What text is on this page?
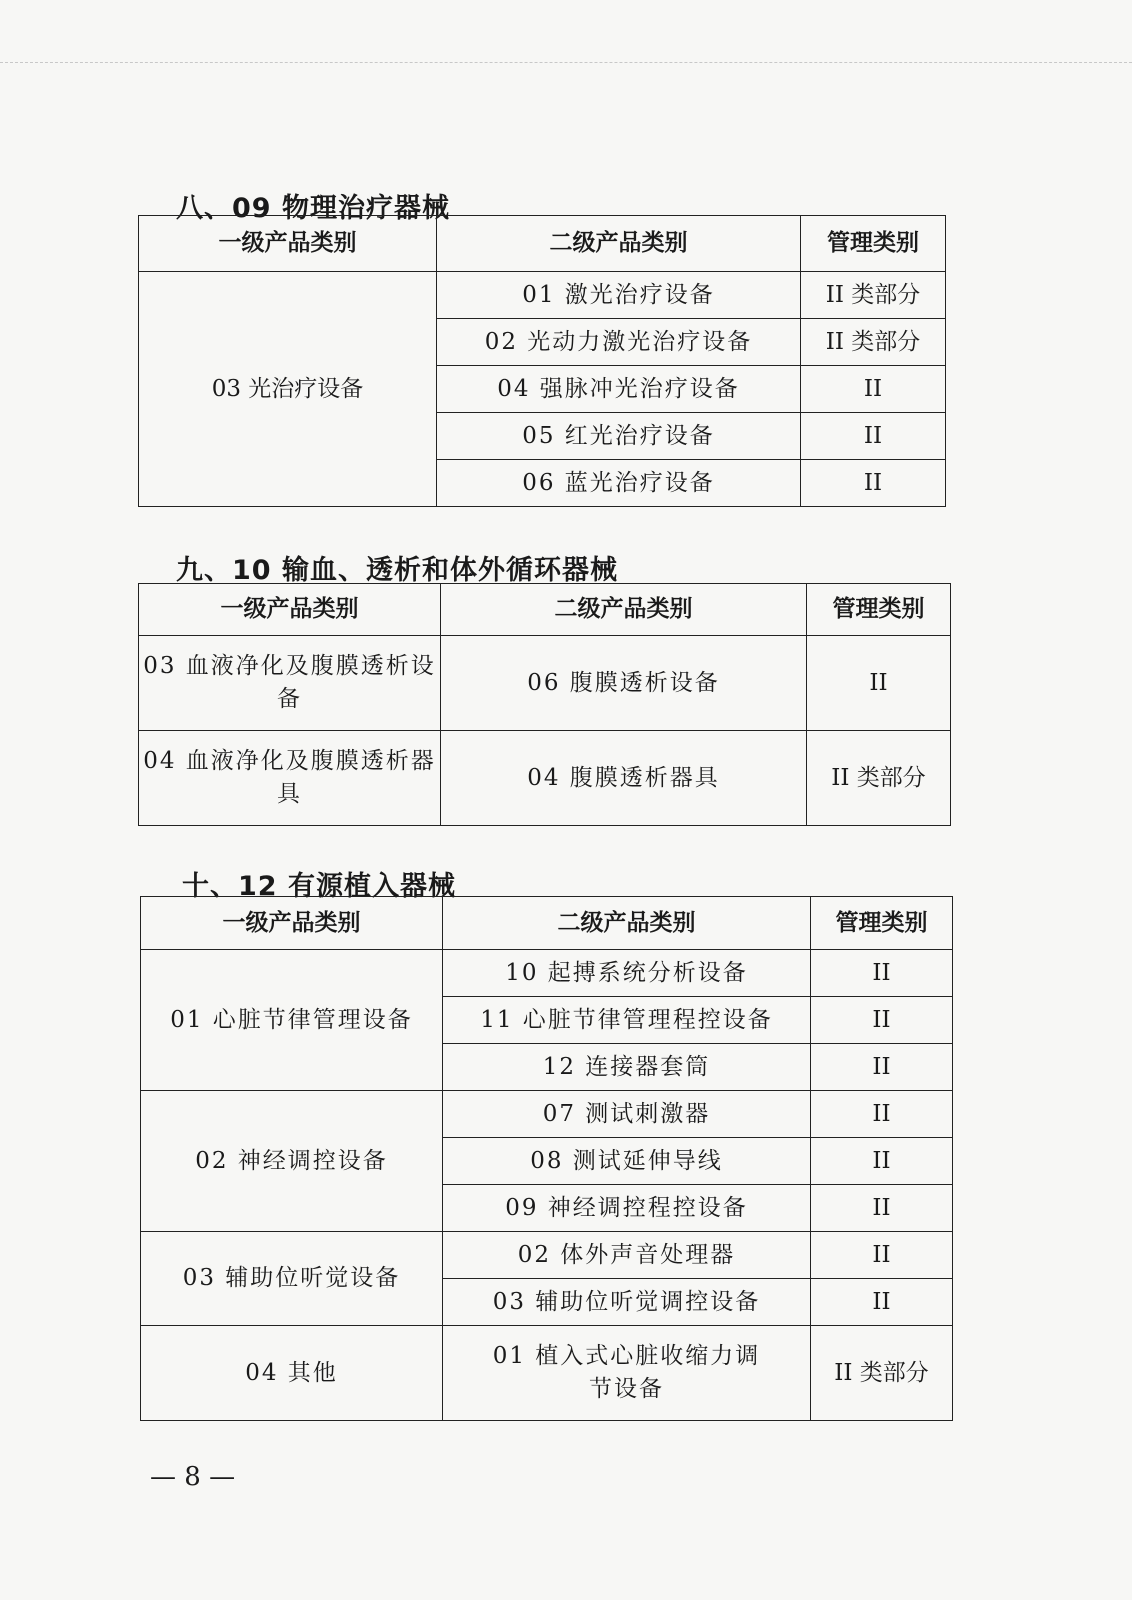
八、09 物理治疗器械
一级产品类别	二级产品类别	管理类别
03 光治疗设备	01 激光治疗设备	II 类部分
	02 光动力激光治疗设备	II 类部分
	04 强脉冲光治疗设备	II
	05 红光治疗设备	II
	06 蓝光治疗设备	II
九、10 输血、透析和体外循环器械
一级产品类别	二级产品类别	管理类别
03 血液净化及腹膜透析设备	06 腹膜透析设备	II
04 血液净化及腹膜透析器具	04 腹膜透析器具	II 类部分
十、12 有源植入器械
一级产品类别	二级产品类别	管理类别
01 心脏节律管理设备	10 起搏系统分析设备	II
	11 心脏节律管理程控设备	II
	12 连接器套筒	II
02 神经调控设备	07 测试刺激器	II
	08 测试延伸导线	II
	09 神经调控程控设备	II
03 辅助位听觉设备	02 体外声音处理器	II
	03 辅助位听觉调控设备	II
04 其他	01 植入式心脏收缩力调节设备	II 类部分
— 8 —
